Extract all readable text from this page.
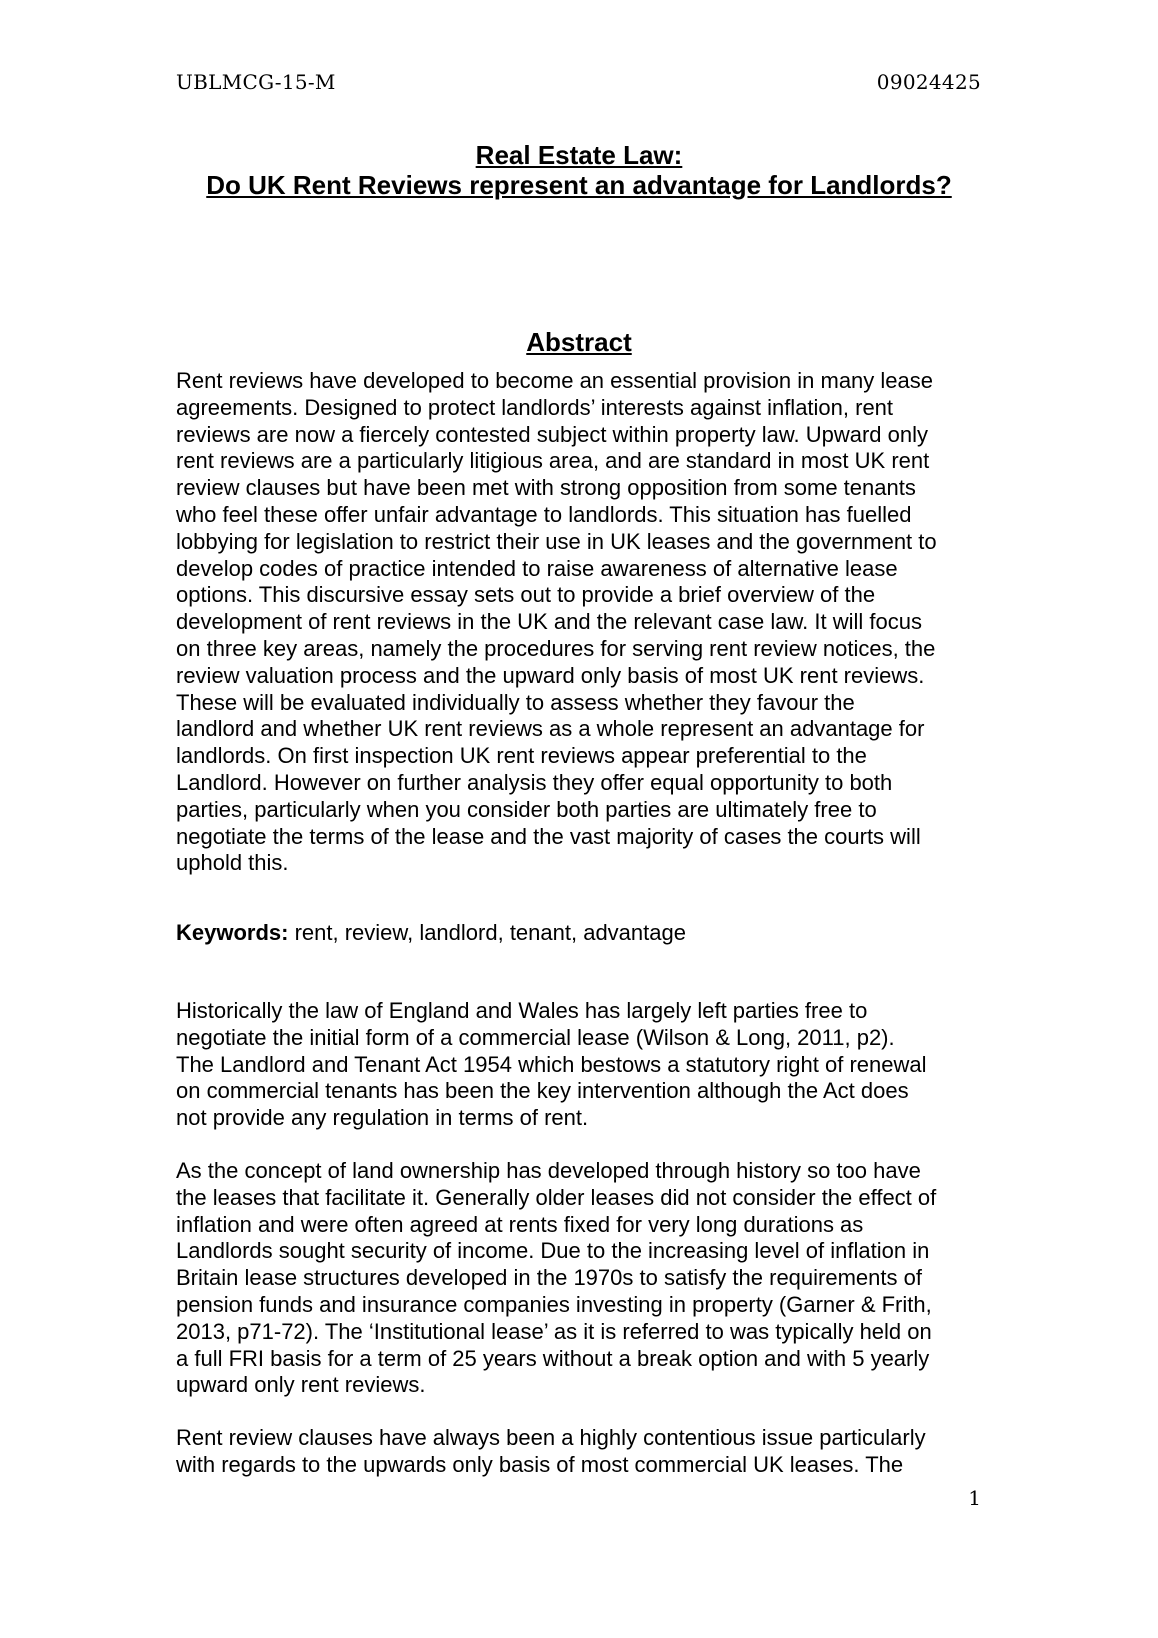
UBLMCG-15-M	09024425
Real Estate Law:
Do UK Rent Reviews represent an advantage for Landlords?
Abstract
Rent reviews have developed to become an essential provision in many lease
agreements. Designed to protect landlords’ interests against inflation, rent
reviews are now a fiercely contested subject within property law. Upward only
rent reviews are a particularly litigious area, and are standard in most UK rent
review clauses but have been met with strong opposition from some tenants
who feel these offer unfair advantage to landlords. This situation has fuelled
lobbying for legislation to restrict their use in UK leases and the government to
develop codes of practice intended to raise awareness of alternative lease
options. This discursive essay sets out to provide a brief overview of the
development of rent reviews in the UK and the relevant case law. It will focus
on three key areas, namely the procedures for serving rent review notices, the
review valuation process and the upward only basis of most UK rent reviews.
These will be evaluated individually to assess whether they favour the
landlord and whether UK rent reviews as a whole represent an advantage for
landlords. On first inspection UK rent reviews appear preferential to the
Landlord. However on further analysis they offer equal opportunity to both
parties, particularly when you consider both parties are ultimately free to
negotiate the terms of the lease and the vast majority of cases the courts will
uphold this.
Keywords: rent, review, landlord, tenant, advantage
Historically the law of England and Wales has largely left parties free to
negotiate the initial form of a commercial lease (Wilson & Long, 2011, p2).
The Landlord and Tenant Act 1954 which bestows a statutory right of renewal
on commercial tenants has been the key intervention although the Act does
not provide any regulation in terms of rent.
As the concept of land ownership has developed through history so too have
the leases that facilitate it. Generally older leases did not consider the effect of
inflation and were often agreed at rents fixed for very long durations as
Landlords sought security of income. Due to the increasing level of inflation in
Britain lease structures developed in the 1970s to satisfy the requirements of
pension funds and insurance companies investing in property (Garner & Frith,
2013, p71-72). The ‘Institutional lease’ as it is referred to was typically held on
a full FRI basis for a term of 25 years without a break option and with 5 yearly
upward only rent reviews.
Rent review clauses have always been a highly contentious issue particularly
with regards to the upwards only basis of most commercial UK leases. The
1
